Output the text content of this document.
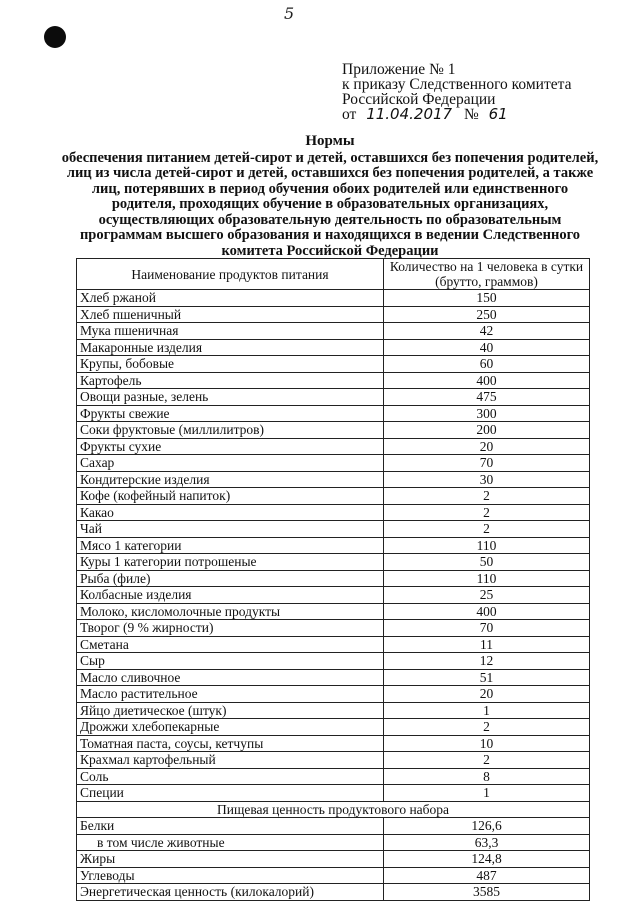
5
Приложение № 1
к приказу Следственного комитета
Российской Федерации
от 11.04.2017 № 61
Нормы
обеспечения питанием детей-сирот и детей, оставшихся без попечения родителей, лиц из числа детей-сирот и детей, оставшихся без попечения родителей, а также лиц, потерявших в период обучения обоих родителей или единственного родителя, проходящих обучение в образовательных организациях, осуществляющих образовательную деятельность по образовательным программам высшего образования и находящихся в ведении Следственного комитета Российской Федерации
Наименование продуктов питания	Количество на 1 человека в сутки (брутто, граммов)
Хлеб ржаной	150
Хлеб пшеничный	250
Мука пшеничная	42
Макаронные изделия	40
Крупы, бобовые	60
Картофель	400
Овощи разные, зелень	475
Фрукты свежие	300
Соки фруктовые (миллилитров)	200
Фрукты сухие	20
Сахар	70
Кондитерские изделия	30
Кофе (кофейный напиток)	2
Какао	2
Чай	2
Мясо 1 категории	110
Куры 1 категории потрошеные	50
Рыба (филе)	110
Колбасные изделия	25
Молоко, кисломолочные продукты	400
Творог (9 % жирности)	70
Сметана	11
Сыр	12
Масло сливочное	51
Масло растительное	20
Яйцо диетическое (штук)	1
Дрожжи хлебопекарные	2
Томатная паста, соусы, кетчупы	10
Крахмал картофельный	2
Соль	8
Специи	1
Пищевая ценность продуктового набора	
Белки	126,6
в том числе животные	63,3
Жиры	124,8
Углеводы	487
Энергетическая ценность (килокалорий)	3585
